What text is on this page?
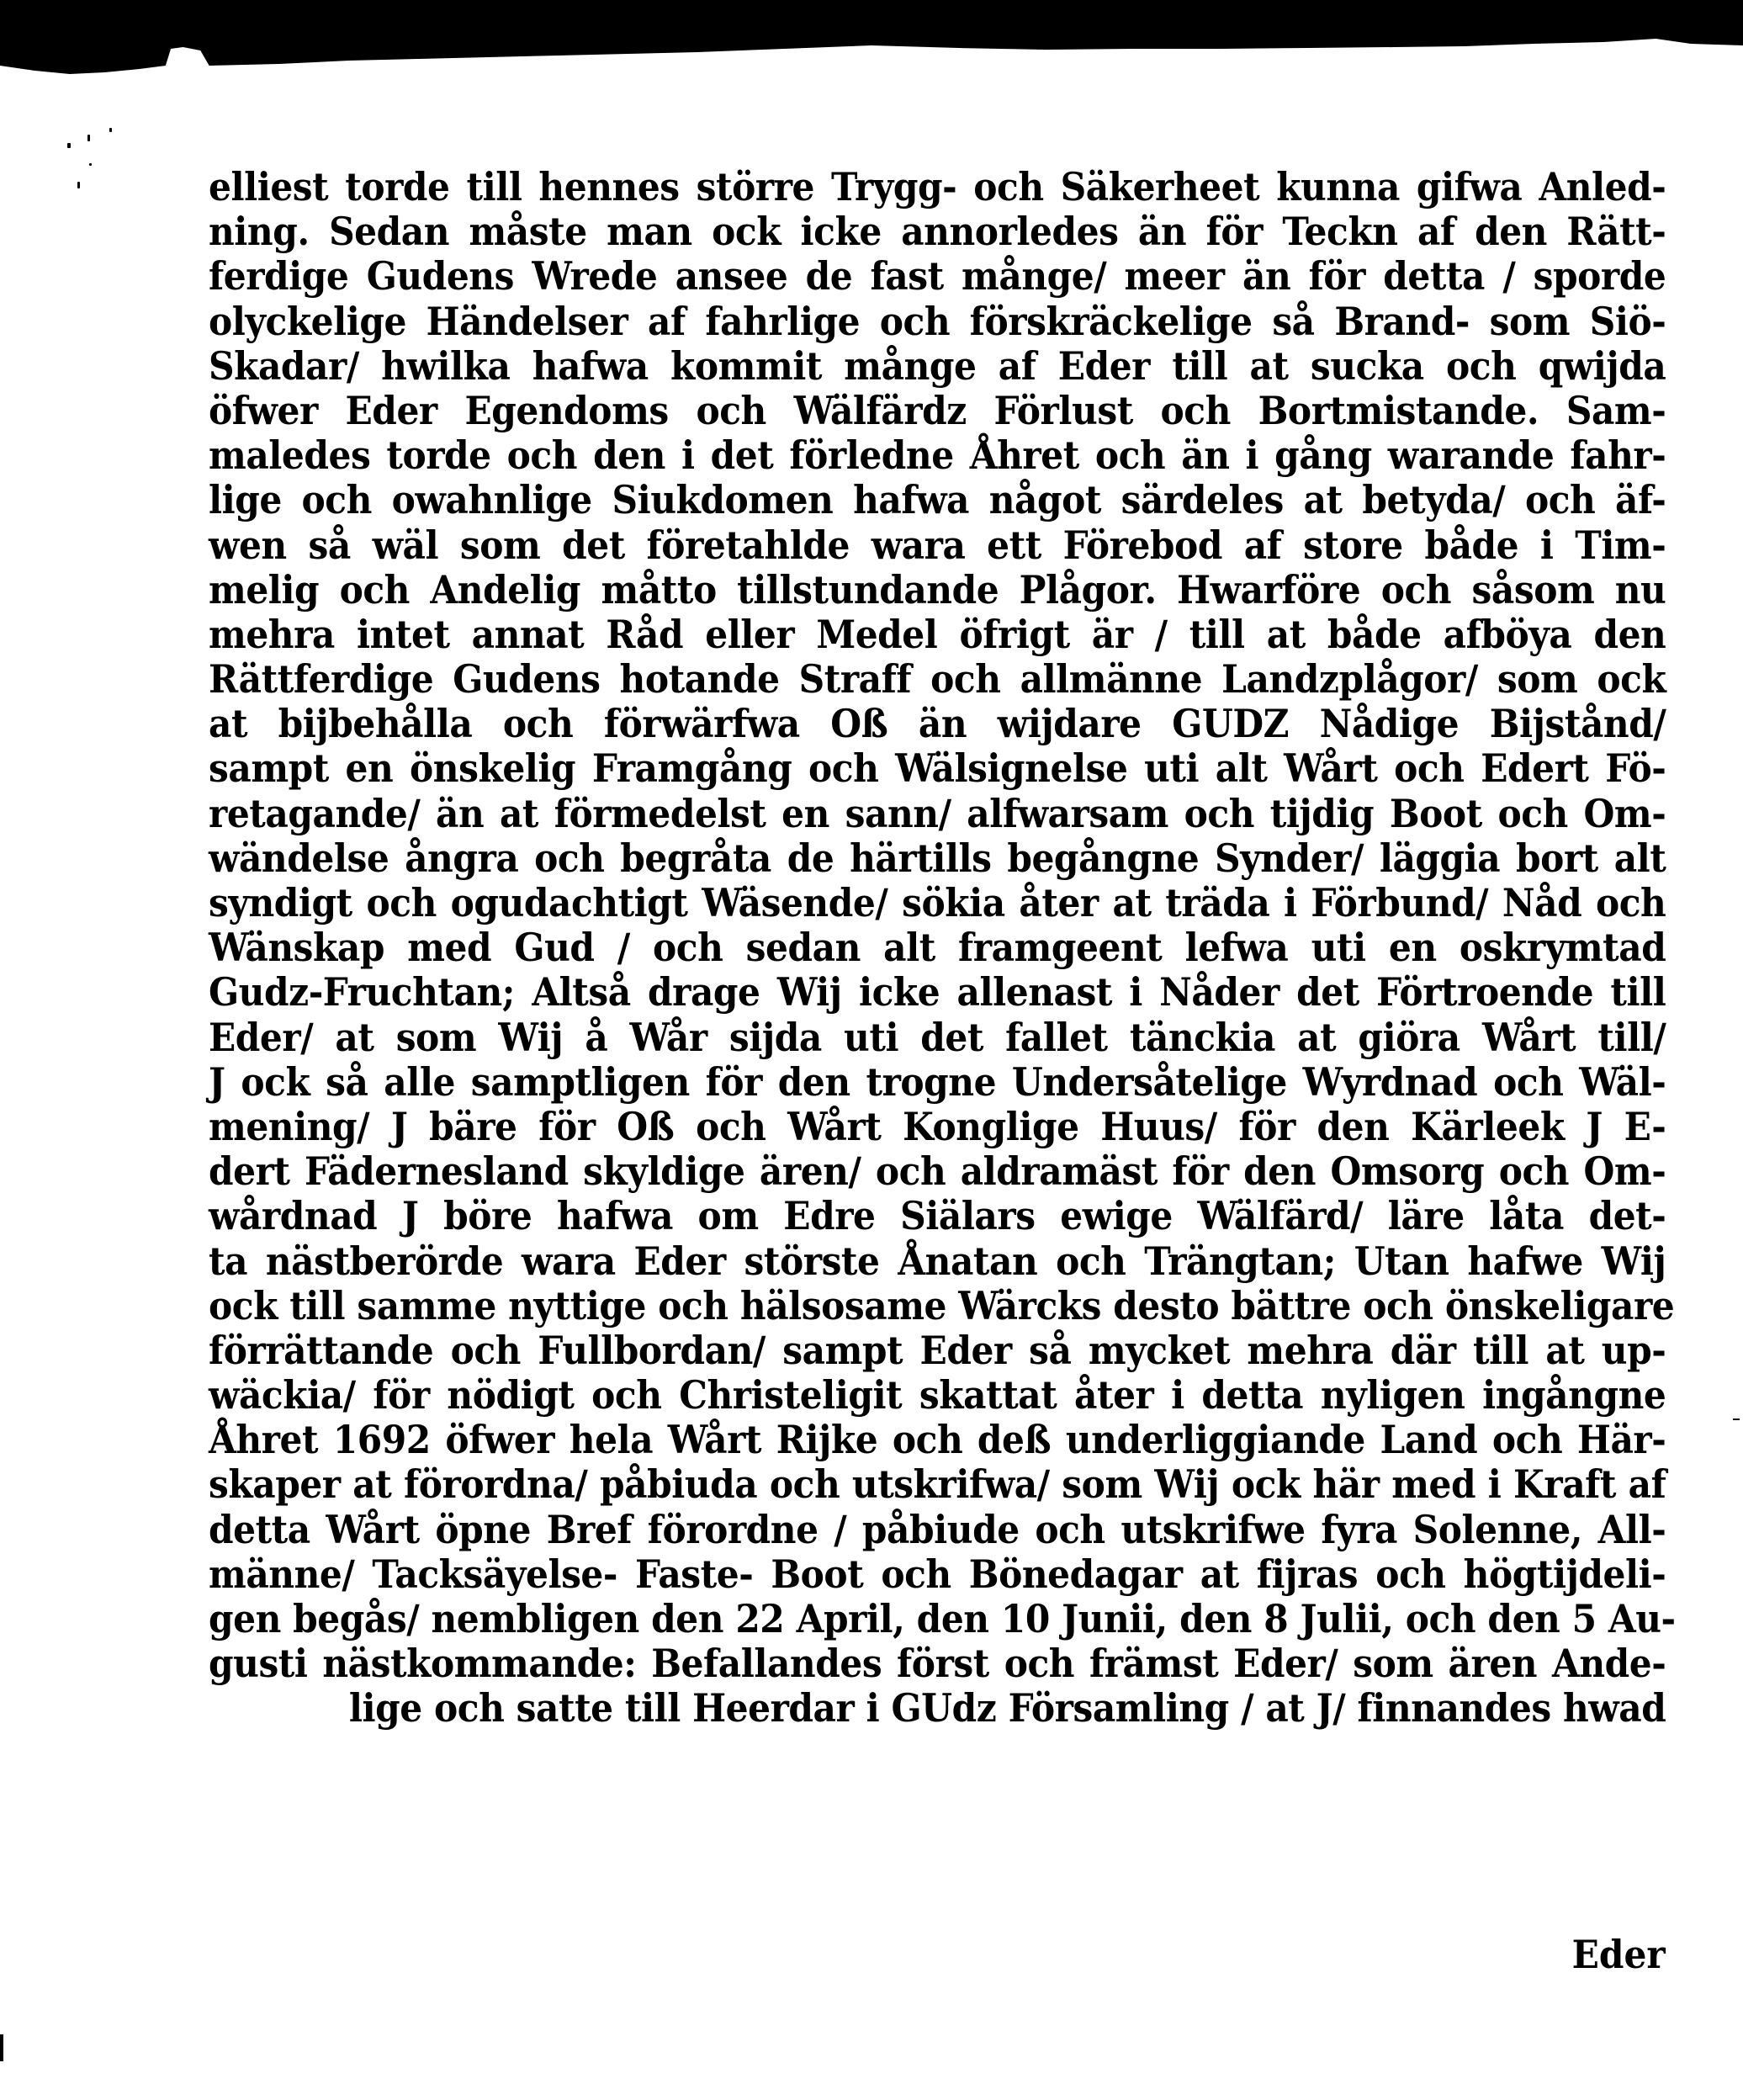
elliest torde till hennes större Trygg- och Säkerheet kunna gifwa Anled-
ning. Sedan måste man ock icke annorledes än för Teckn af den Rätt-
ferdige Gudens Wrede ansee de fast månge/ meer än för detta / sporde
olyckelige Händelser af fahrlige och förskräckelige så Brand- som Siö-
Skadar/ hwilka hafwa kommit månge af Eder till at sucka och qwijda
öfwer Eder Egendoms och Wälfärdz Förlust och Bortmistande. Sam-
maledes torde och den i det förledne Åhret och än i gång warande fahr-
lige och owahnlige Siukdomen hafwa något särdeles at betyda/ och äf-
wen så wäl som det företahlde wara ett Förebod af store både i Tim-
melig och Andelig måtto tillstundande Plågor. Hwarföre och såsom nu
mehra intet annat Råd eller Medel öfrigt är / till at både afböya den
Rättferdige Gudens hotande Straff och allmänne Landzplågor/ som ock
at bijbehålla och förwärfwa Oß än wijdare GUDZ Nådige Bijstånd/
sampt en önskelig Framgång och Wälsignelse uti alt Wårt och Edert Fö-
retagande/ än at förmedelst en sann/ alfwarsam och tijdig Boot och Om-
wändelse ångra och begråta de härtills begångne Synder/ läggia bort alt
syndigt och ogudachtigt Wäsende/ sökia åter at träda i Förbund/ Nåd och
Wänskap med Gud / och sedan alt framgeent lefwa uti en oskrymtad
Gudz-Fruchtan; Altså drage Wij icke allenast i Nåder det Förtroende till
Eder/ at som Wij å Wår sijda uti det fallet tänckia at giöra Wårt till/
J ock så alle samptligen för den trogne Undersåtelige Wyrdnad och Wäl-
mening/ J bäre för Oß och Wårt Konglige Huus/ för den Kärleek J E-
dert Fädernesland skyldige ären/ och aldramäst för den Omsorg och Om-
wårdnad J böre hafwa om Edre Siälars ewige Wälfärd/ läre låta det-
ta nästberörde wara Eder störste Ånatan och Trängtan; Utan hafwe Wij
ock till samme nyttige och hälsosame Wärcks desto bättre och önskeligare
förrättande och Fullbordan/ sampt Eder så mycket mehra där till at up-
wäckia/ för nödigt och Christeligit skattat åter i detta nyligen ingångne
Åhret 1692 öfwer hela Wårt Rijke och deß underliggiande Land och Här-
skaper at förordna/ påbiuda och utskrifwa/ som Wij ock här med i Kraft af
detta Wårt öpne Bref förordne / påbiude och utskrifwe fyra Solenne, All-
männe/ Tacksäyelse- Faste- Boot och Bönedagar at fijras och högtijdeli-
gen begås/ nembligen den 22 April, den 10 Junii, den 8 Julii, och den 5 Au-
gusti nästkommande: Befallandes först och främst Eder/ som ären Ande-
lige och satte till Heerdar i GUdz Församling / at J/ finnandes hwad
Eder
